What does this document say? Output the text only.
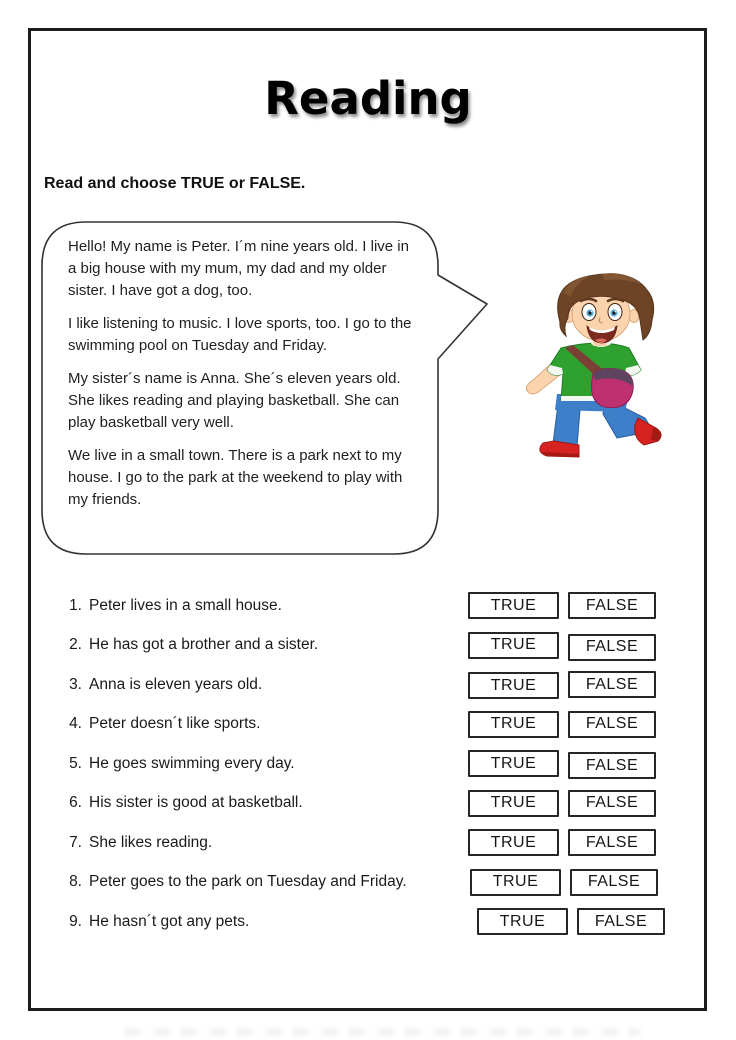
Reading
Read and choose TRUE or FALSE.

Hello! My name is Peter. I´m nine years old. I live in a big house with my mum, my dad and my older sister. I have got a dog, too.

I like listening to music. I love sports, too. I go to the swimming pool on Tuesday and Friday.

My sister´s name is Anna. She´s eleven years old. She likes reading and playing basketball. She can play basketball very well.

We live in a small town. There is a park next to my house. I go to the park at the weekend to play with my friends.

1. Peter lives in a small house.	TRUE	FALSE
2. He has got a brother and a sister.	TRUE	FALSE
3. Anna is eleven years old.	TRUE	FALSE
4. Peter doesn´t like sports.	TRUE	FALSE
5. He goes swimming every day.	TRUE	FALSE
6. His sister is good at basketball.	TRUE	FALSE
7. She likes reading.	TRUE	FALSE
8. Peter goes to the park on Tuesday and Friday.	TRUE	FALSE
9. He hasn´t got any pets.	TRUE	FALSE
